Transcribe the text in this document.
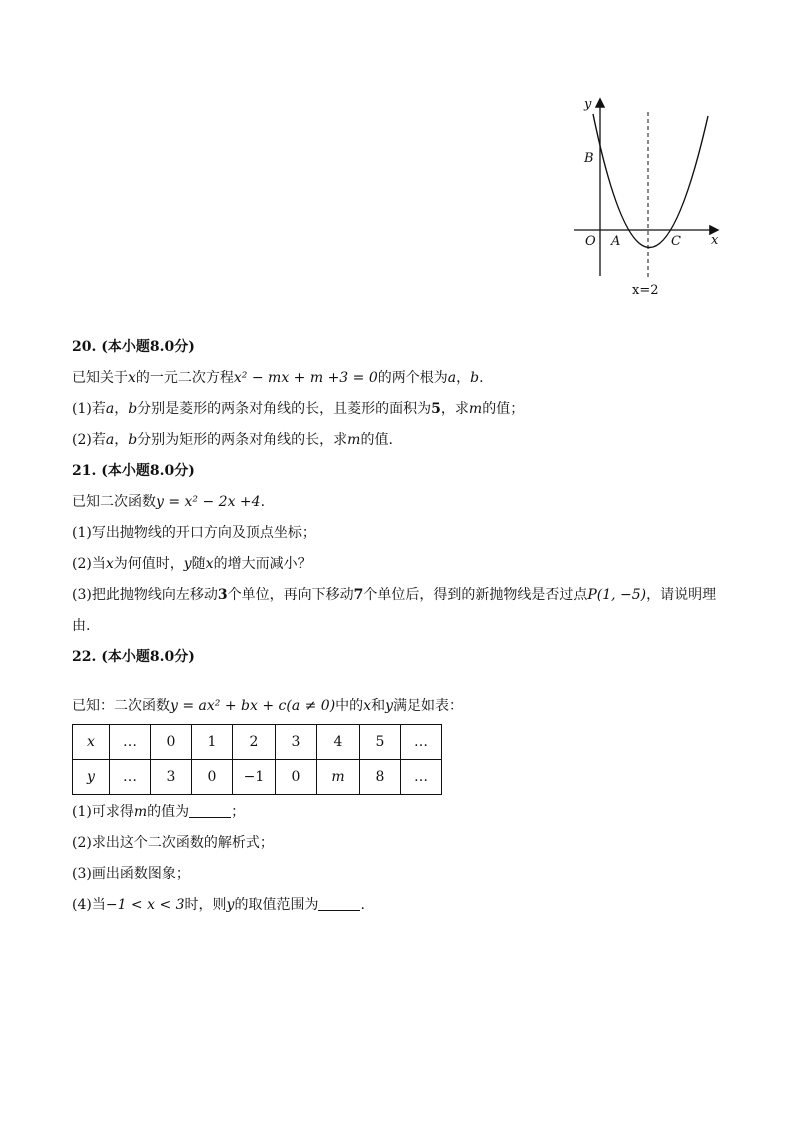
y
x
B
O A	C
x=2
20. (本小题8.0分)
已知关于x的一元二次方程x² − mx + m +3 = 0的两个根为a，b.
(1)若a，b分别是菱形的两条对角线的长，且菱形的面积为5，求m的值；
(2)若a，b分别为矩形的两条对角线的长，求m的值.
21. (本小题8.0分)
已知二次函数y = x² − 2x +4.
(1)写出抛物线的开口方向及顶点坐标；
(2)当x为何值时，y随x的增大而减小？
(3)把此抛物线向左移动3个单位，再向下移动7个单位后，得到的新抛物线是否过点P(1, −5)，请说明理
由.
22. (本小题8.0分)
已知：二次函数y = ax² + bx + c(a ≠ 0)中的x和y满足如表：
x	…	0	1	2	3	4	5	…
y	…	3	0	−1	0	m	8	…
(1)可求得m的值为	；
(2)求出这个二次函数的解析式；
(3)画出函数图象；
(4)当−1 < x < 3时，则y的取值范围为	.
